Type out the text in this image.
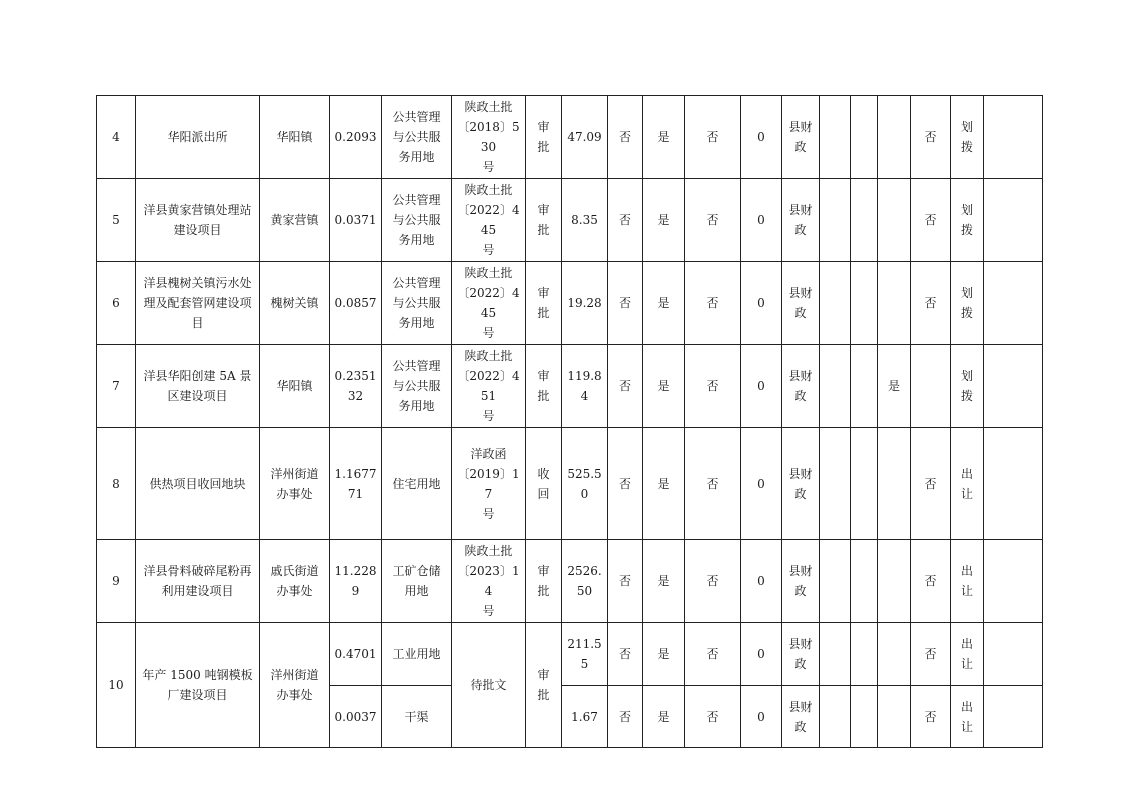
4	华阳派出所	华阳镇	0.2093	公共管理
与公共服
务用地	陕政土批
〔2018〕530
号	审
批	47.09	否	是	否	0	县财
政				否	划
拨	
5	洋县黄家营镇处理站
建设项目	黄家营镇	0.0371	公共管理
与公共服
务用地	陕政土批
〔2022〕445
号	审
批	8.35	否	是	否	0	县财
政				否	划
拨	
6	洋县槐树关镇污水处
理及配套管网建设项
目	槐树关镇	0.0857	公共管理
与公共服
务用地	陕政土批
〔2022〕445
号	审
批	19.28	否	是	否	0	县财
政				否	划
拨	
7	洋县华阳创建 5A 景
区建设项目	华阳镇	0.2351
32	公共管理
与公共服
务用地	陕政土批
〔2022〕451
号	审
批	119.8
4	否	是	否	0	县财
政			是		划
拨	
8	供热项目收回地块	洋州街道
办事处	1.1677
71	住宅用地	洋政函
〔2019〕17
号	收
回	525.5
0	否	是	否	0	县财
政				否	出
让	
9	洋县骨料破碎尾粉再
利用建设项目	戚氏街道
办事处	11.228
9	工矿仓储
用地	陕政土批
〔2023〕14
号	审
批	2526.
50	否	是	否	0	县财
政				否	出
让	
10	年产 1500 吨钢模板
厂建设项目	洋州街道
办事处	0.4701	工业用地	待批文	审
批	211.5
5	否	是	否	0	县财
政				否	出
让	
			0.0037	干渠			1.67	否	是	否	0	县财
政				否	出
让	
